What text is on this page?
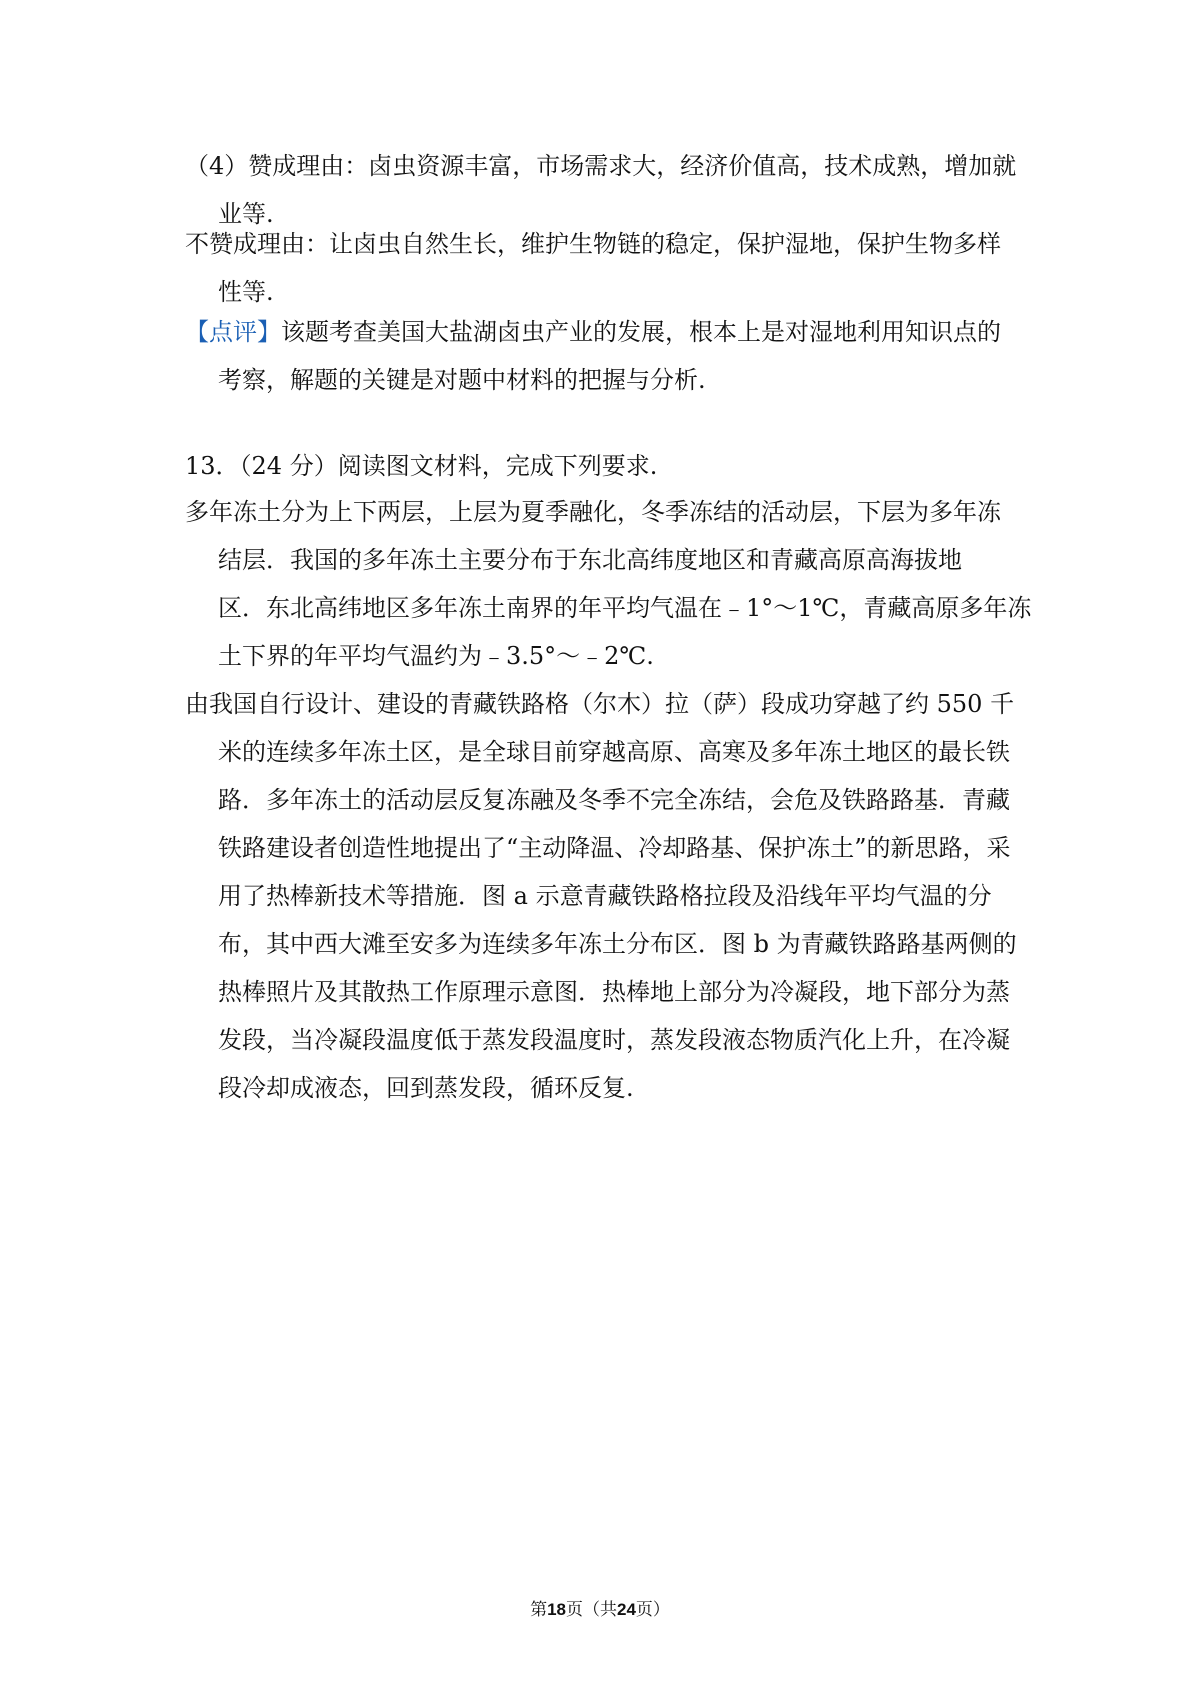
（4）赞成理由：卤虫资源丰富，市场需求大，经济价值高，技术成熟，增加就
业等.

不赞成理由：让卤虫自然生长，维护生物链的稳定，保护湿地，保护生物多样
性等.

【点评】该题考查美国大盐湖卤虫产业的发展，根本上是对湿地利用知识点的
考察，解题的关键是对题中材料的把握与分析.

13．（24 分）阅读图文材料，完成下列要求.

多年冻土分为上下两层，上层为夏季融化，冬季冻结的活动层，下层为多年冻
结层．我国的多年冻土主要分布于东北高纬度地区和青藏高原高海拔地
区．东北高纬地区多年冻土南界的年平均气温在﹣1°～1℃，青藏高原多年冻
土下界的年平均气温约为﹣3.5°～﹣2℃.

由我国自行设计、建设的青藏铁路格（尔木）拉（萨）段成功穿越了约 550 千
米的连续多年冻土区，是全球目前穿越高原、高寒及多年冻土地区的最长铁
路．多年冻土的活动层反复冻融及冬季不完全冻结，会危及铁路路基．青藏
铁路建设者创造性地提出了“主动降温、冷却路基、保护冻土”的新思路，采
用了热棒新技术等措施．图 a 示意青藏铁路格拉段及沿线年平均气温的分
布，其中西大滩至安多为连续多年冻土分布区．图 b 为青藏铁路路基两侧的
热棒照片及其散热工作原理示意图．热棒地上部分为冷凝段，地下部分为蒸
发段，当冷凝段温度低于蒸发段温度时，蒸发段液态物质汽化上升，在冷凝
段冷却成液态，回到蒸发段，循环反复.

第18页（共24页）
